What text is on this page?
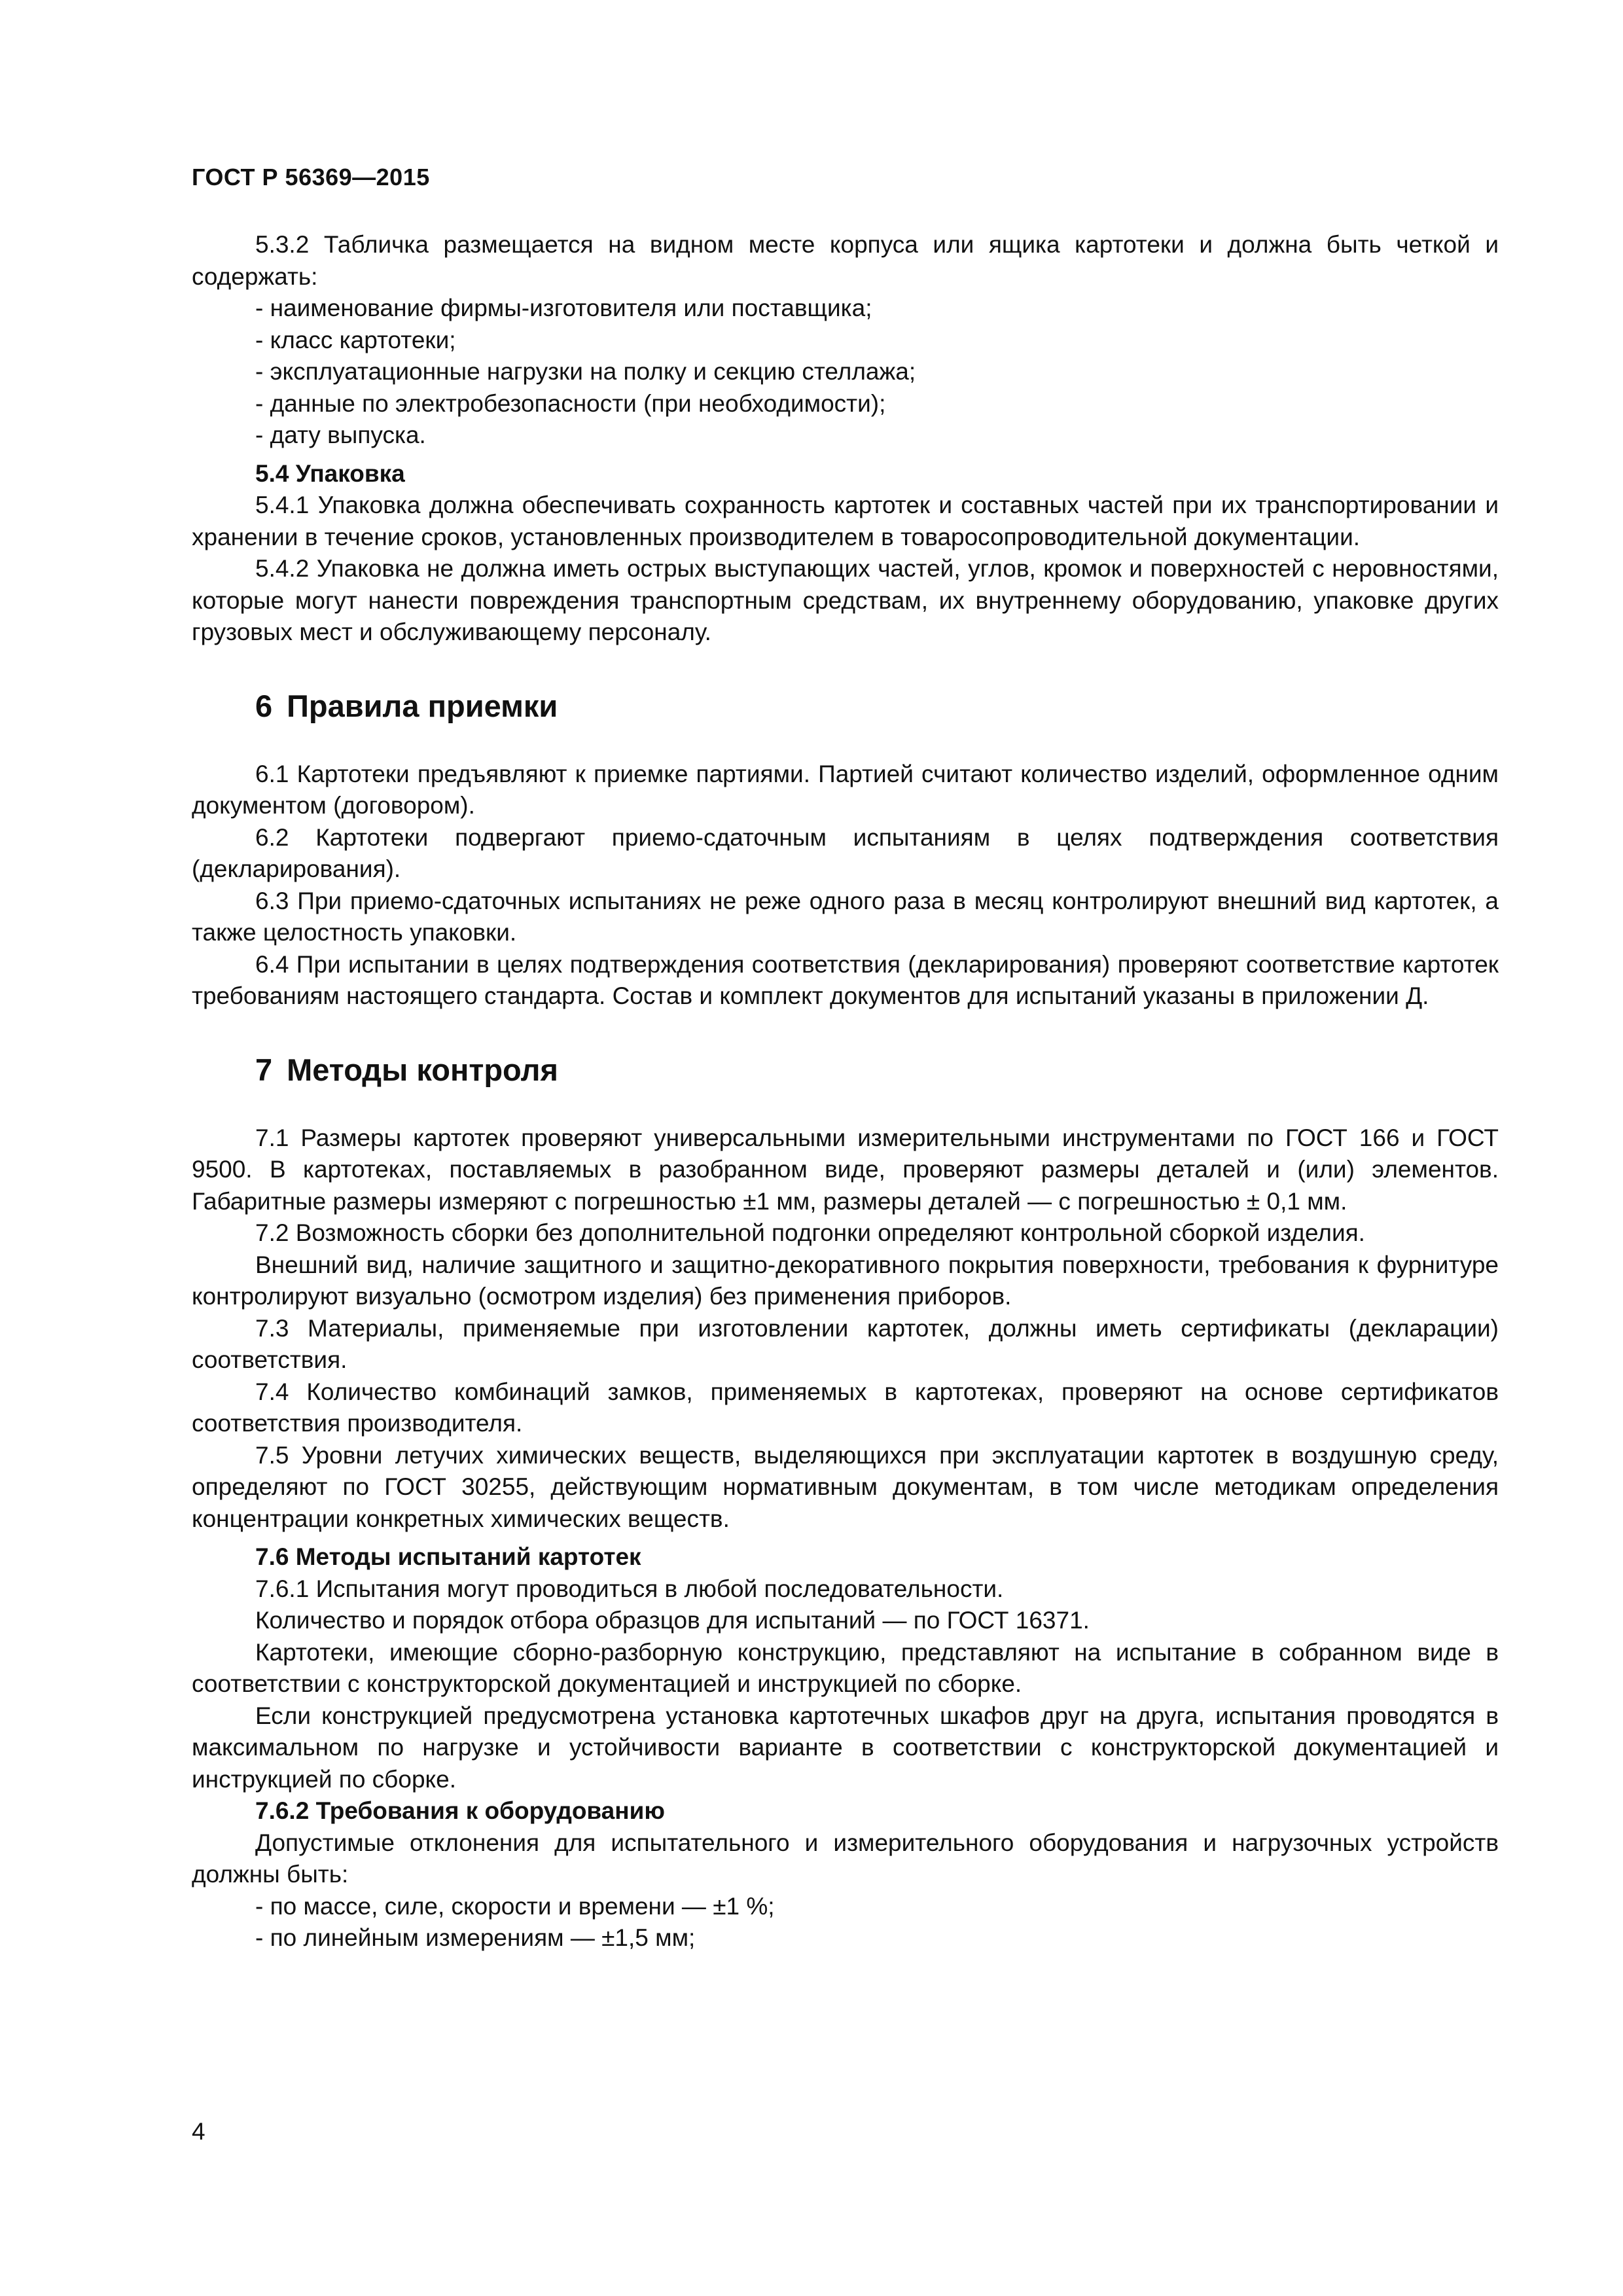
ГОСТ Р 56369—2015

5.3.2 Табличка размещается на видном месте корпуса или ящика картотеки и должна быть четкой и содержать:

- наименование фирмы-изготовителя или поставщика;

- класс картотеки;

- эксплуатационные нагрузки на полку и секцию стеллажа;

- данные по электробезопасности (при необходимости);

- дату выпуска.

5.4 Упаковка

5.4.1 Упаковка должна обеспечивать сохранность картотек и составных частей при их транспортировании и хранении в течение сроков, установленных производителем в товаросопроводительной документации.

5.4.2 Упаковка не должна иметь острых выступающих частей, углов, кромок и поверхностей с неровностями, которые могут нанести повреждения транспортным средствам, их внутреннему оборудованию, упаковке других грузовых мест и обслуживающему персоналу.

6 Правила приемки

6.1 Картотеки предъявляют к приемке партиями. Партией считают количество изделий, оформленное одним документом (договором).

6.2 Картотеки подвергают приемо-сдаточным испытаниям в целях подтверждения соответствия (декларирования).

6.3 При приемо-сдаточных испытаниях не реже одного раза в месяц контролируют внешний вид картотек, а также целостность упаковки.

6.4 При испытании в целях подтверждения соответствия (декларирования) проверяют соответствие картотек требованиям настоящего стандарта. Состав и комплект документов для испытаний указаны в приложении Д.

7 Методы контроля

7.1 Размеры картотек проверяют универсальными измерительными инструментами по ГОСТ 166 и ГОСТ 9500. В картотеках, поставляемых в разобранном виде, проверяют размеры деталей и (или) элементов. Габаритные размеры измеряют с погрешностью ±1 мм, размеры деталей — с погрешностью ± 0,1 мм.

7.2 Возможность сборки без дополнительной подгонки определяют контрольной сборкой изделия.

Внешний вид, наличие защитного и защитно-декоративного покрытия поверхности, требования к фурнитуре контролируют визуально (осмотром изделия) без применения приборов.

7.3 Материалы, применяемые при изготовлении картотек, должны иметь сертификаты (декларации) соответствия.

7.4 Количество комбинаций замков, применяемых в картотеках, проверяют на основе сертификатов соответствия производителя.

7.5 Уровни летучих химических веществ, выделяющихся при эксплуатации картотек в воздушную среду, определяют по ГОСТ 30255, действующим нормативным документам, в том числе методикам определения концентрации конкретных химических веществ.

7.6 Методы испытаний картотек

7.6.1 Испытания могут проводиться в любой последовательности.

Количество и порядок отбора образцов для испытаний — по ГОСТ 16371.

Картотеки, имеющие сборно-разборную конструкцию, представляют на испытание в собранном виде в соответствии с конструкторской документацией и инструкцией по сборке.

Если конструкцией предусмотрена установка картотечных шкафов друг на друга, испытания проводятся в максимальном по нагрузке и устойчивости варианте в соответствии с конструкторской документацией и инструкцией по сборке.

7.6.2 Требования к оборудованию

Допустимые отклонения для испытательного и измерительного оборудования и нагрузочных устройств должны быть:

- по массе, силе, скорости и времени — ±1 %;

- по линейным измерениям — ±1,5 мм;

4
